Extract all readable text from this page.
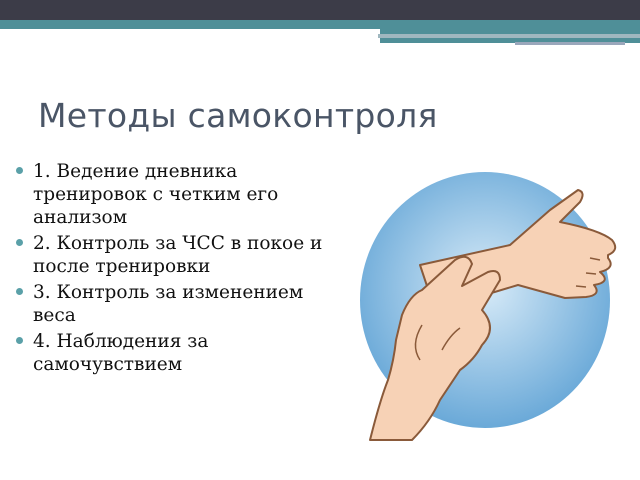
Методы самоконтроля
1. Ведение дневника тренировок с четким его анализом
2. Контроль за ЧСС в покое и после тренировки
3. Контроль за изменением веса
4. Наблюдения за самочувствием
